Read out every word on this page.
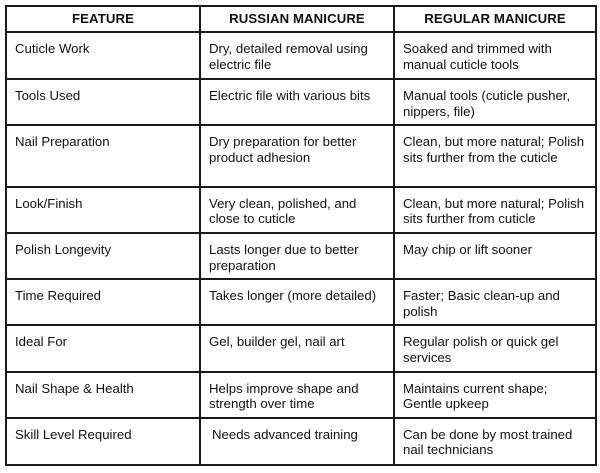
FEATURE	RUSSIAN MANICURE	REGULAR MANICURE
Cuticle Work	Dry, detailed removal using electric file	Soaked and trimmed with manual cuticle tools
Tools Used	Electric file with various bits	Manual tools (cuticle pusher, nippers, file)
Nail Preparation	Dry preparation for better product adhesion	Clean, but more natural; Polish sits further from the cuticle
Look/Finish	Very clean, polished, and close to cuticle	Clean, but more natural; Polish sits further from cuticle
Polish Longevity	Lasts longer due to better preparation	May chip or lift sooner
Time Required	Takes longer (more detailed)	Faster; Basic clean-up and polish
Ideal For	Gel, builder gel, nail art	Regular polish or quick gel services
Nail Shape & Health	Helps improve shape and strength over time	Maintains current shape; Gentle upkeep
Skill Level Required	Needs advanced training	Can be done by most trained nail technicians
